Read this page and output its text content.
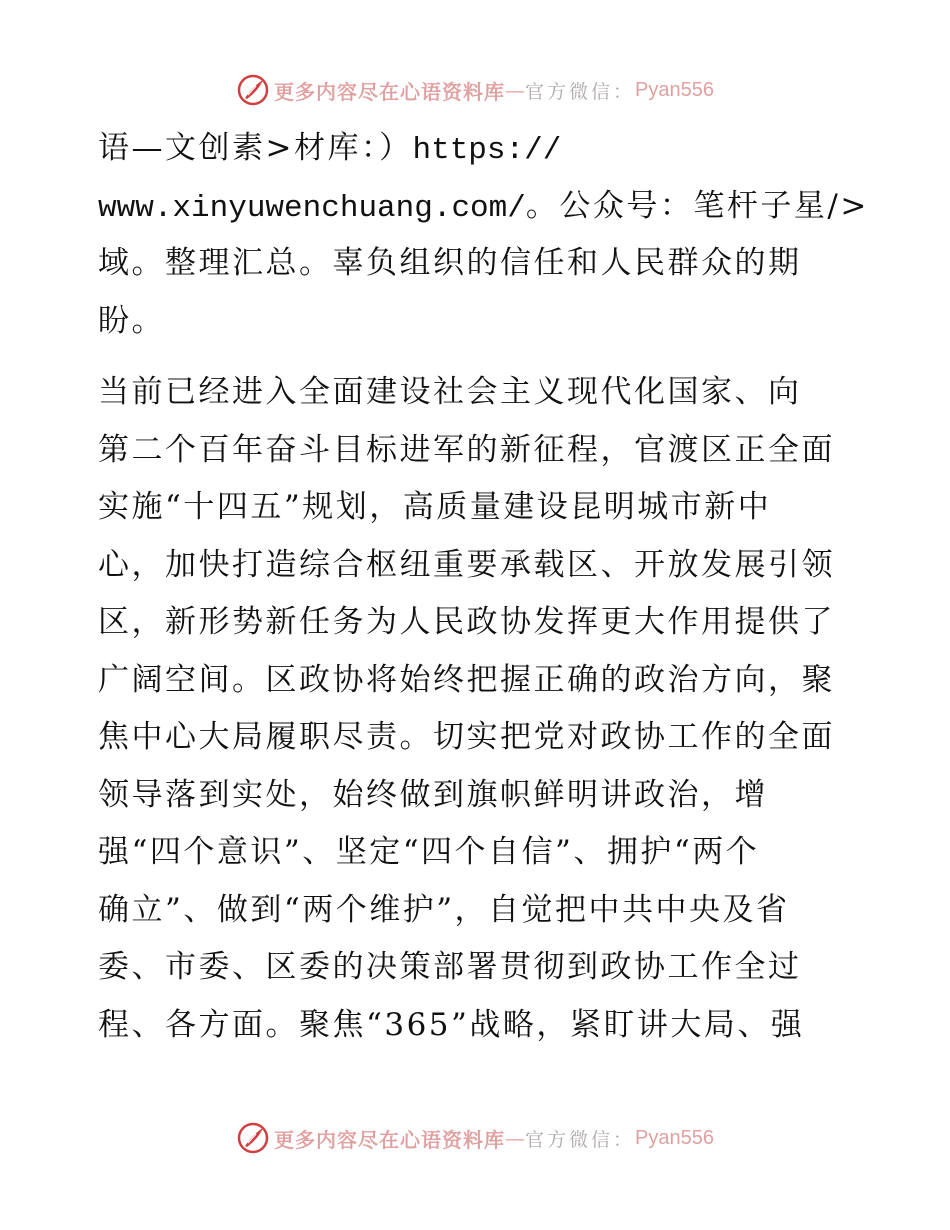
更多内容尽在心语资料库 — 官方微信： Pyan556
语—文创素>材库：）https://
www.xinyuwenchuang.com/。公众号：笔杆子星/>
域。整理汇总。辜负组织的信任和人民群众的期
盼。
当前已经进入全面建设社会主义现代化国家、向
第二个百年奋斗目标进军的新征程，官渡区正全面
实施“十四五”规划，高质量建设昆明城市新中
心，加快打造综合枢纽重要承载区、开放发展引领
区，新形势新任务为人民政协发挥更大作用提供了
广阔空间。区政协将始终把握正确的政治方向，聚
焦中心大局履职尽责。切实把党对政协工作的全面
领导落到实处，始终做到旗帜鲜明讲政治，增
强“四个意识”、坚定“四个自信”、拥护“两个
确立”、做到“两个维护”，自觉把中共中央及省
委、市委、区委的决策部署贯彻到政协工作全过
程、各方面。聚焦“365”战略，紧盯讲大局、强
更多内容尽在心语资料库 — 官方微信： Pyan556
